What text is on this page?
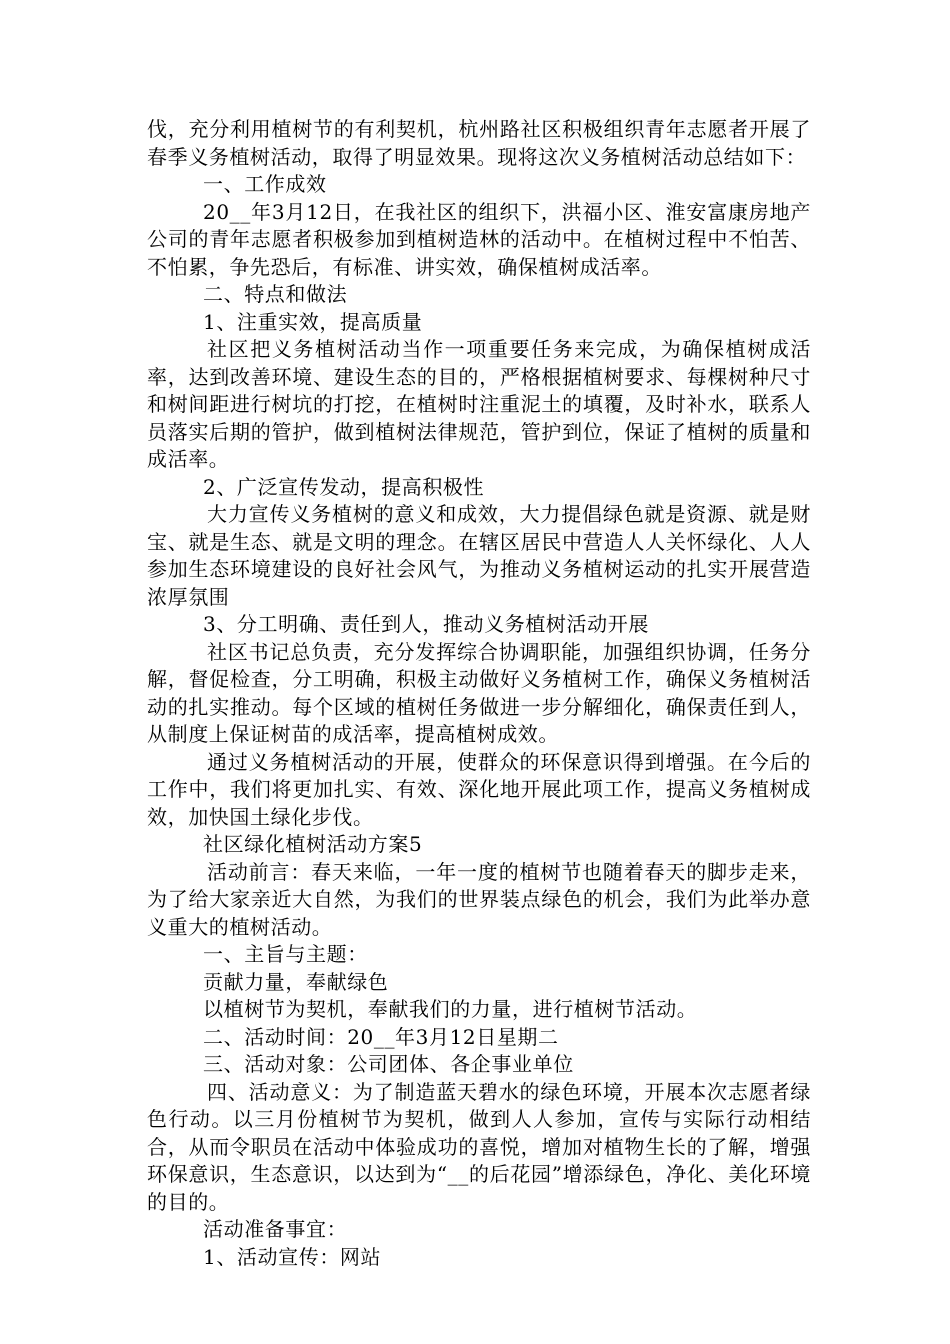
伐，充分利用植树节的有利契机，杭州路社区积极组织青年志愿者开展了春季义务植树活动，取得了明显效果。现将这次义务植树活动总结如下：

一、工作成效

20__年3月12日，在我社区的组织下，洪福小区、淮安富康房地产公司的青年志愿者积极参加到植树造林的活动中。在植树过程中不怕苦、不怕累，争先恐后，有标准、讲实效，确保植树成活率。

二、特点和做法

1、注重实效，提高质量

社区把义务植树活动当作一项重要任务来完成，为确保植树成活率，达到改善环境、建设生态的目的，严格根据植树要求、每棵树种尺寸和树间距进行树坑的打挖，在植树时注重泥土的填覆，及时补水，联系人员落实后期的管护，做到植树法律规范，管护到位，保证了植树的质量和成活率。

2、广泛宣传发动，提高积极性

大力宣传义务植树的意义和成效，大力提倡绿色就是资源、就是财宝、就是生态、就是文明的理念。在辖区居民中营造人人关怀绿化、人人参加生态环境建设的良好社会风气，为推动义务植树运动的扎实开展营造浓厚氛围

3、分工明确、责任到人，推动义务植树活动开展

社区书记总负责，充分发挥综合协调职能，加强组织协调，任务分解，督促检查，分工明确，积极主动做好义务植树工作，确保义务植树活动的扎实推动。每个区域的植树任务做进一步分解细化，确保责任到人，从制度上保证树苗的成活率，提高植树成效。

通过义务植树活动的开展，使群众的环保意识得到增强。在今后的工作中，我们将更加扎实、有效、深化地开展此项工作，提高义务植树成效，加快国土绿化步伐。

社区绿化植树活动方案5

活动前言：春天来临，一年一度的植树节也随着春天的脚步走来，为了给大家亲近大自然，为我们的世界装点绿色的机会，我们为此举办意义重大的植树活动。

一、主旨与主题：

贡献力量，奉献绿色

以植树节为契机，奉献我们的力量，进行植树节活动。

二、活动时间：20__年3月12日星期二

三、活动对象：公司团体、各企事业单位

四、活动意义：为了制造蓝天碧水的绿色环境，开展本次志愿者绿色行动。以三月份植树节为契机，做到人人参加，宣传与实际行动相结合，从而令职员在活动中体验成功的喜悦，增加对植物生长的了解，增强环保意识，生态意识，以达到为“__的后花园”增添绿色，净化、美化环境的目的。

活动准备事宜：

1、活动宣传：网站
